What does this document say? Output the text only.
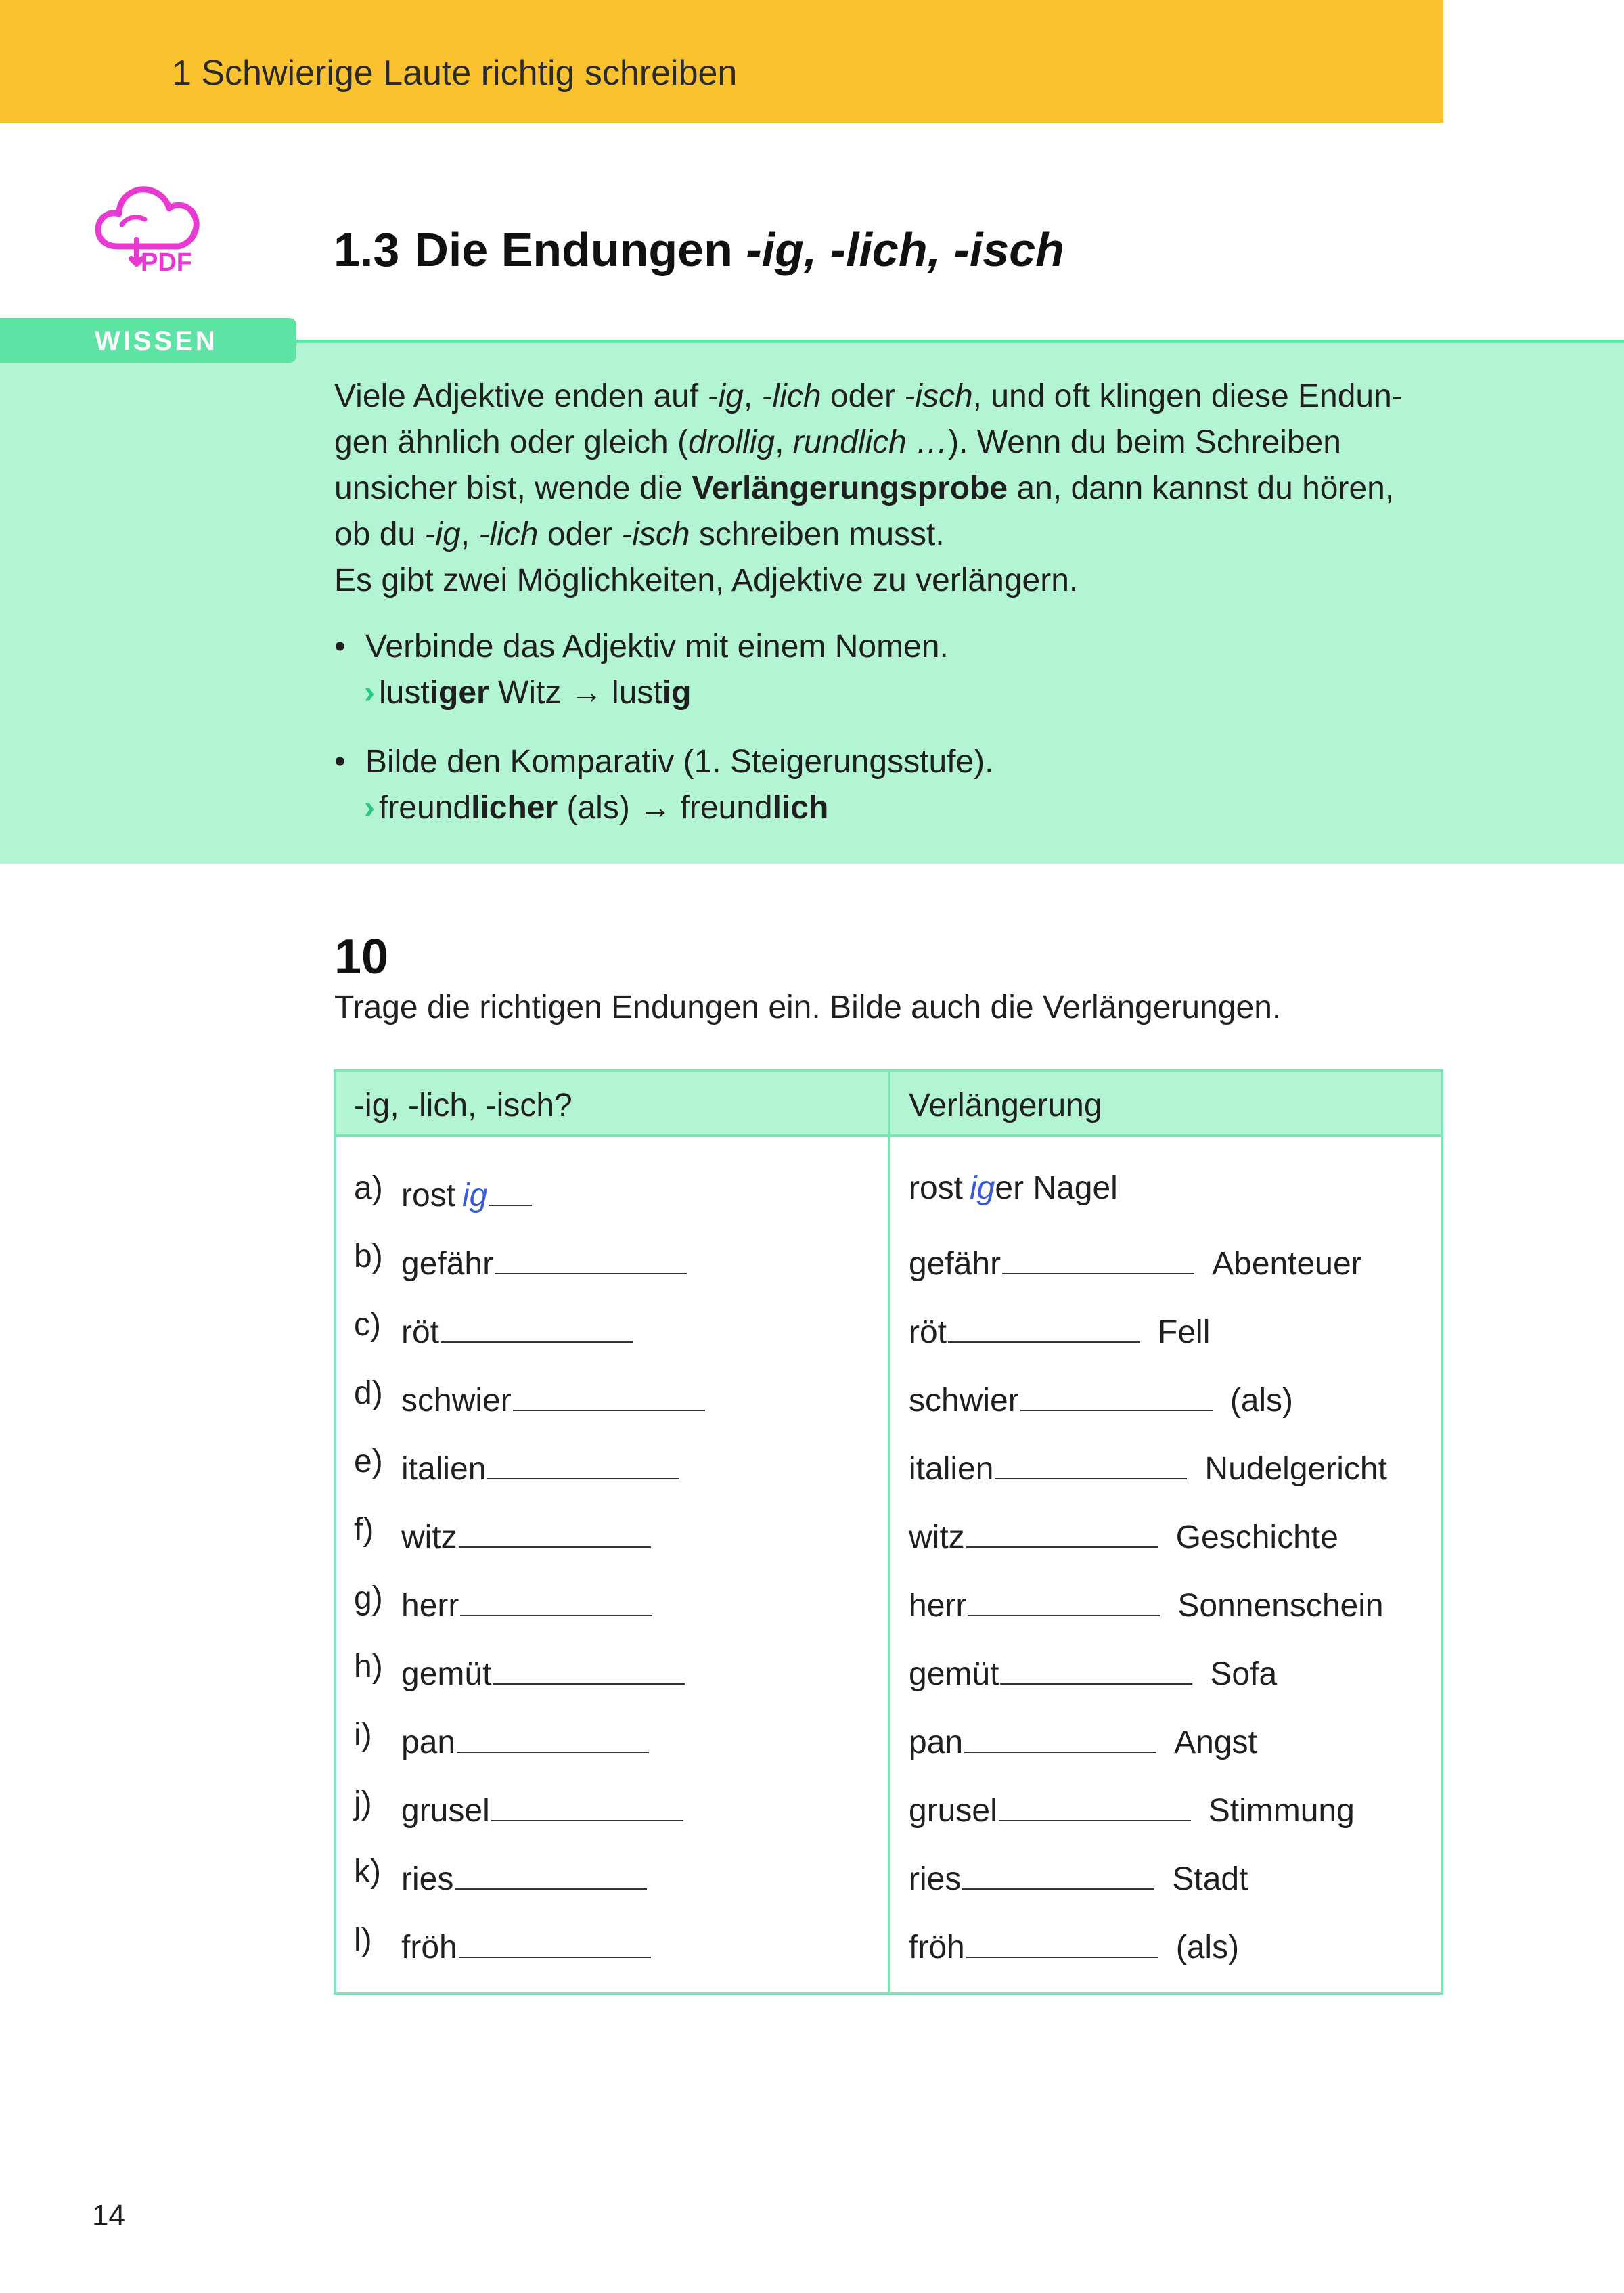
1 Schwierige Laute richtig schreiben
PDF	1.3 Die Endungen -ig, -lich, -isch
WISSEN

Viele Adjektive enden auf -ig, -lich oder -isch, und oft klingen diese Endun-

gen ähnlich oder gleich (drollig, rundlich …). Wenn du beim Schreiben

unsicher bist, wende die Verlängerungsprobe an, dann kannst du hören,

ob du -ig, -lich oder -isch schreiben musst.

Es gibt zwei Möglichkeiten, Adjektive zu verlängern.

• Verbinde das Adjektiv mit einem Nomen.
› lustiger Witz → lustig
• Bilde den Komparativ (1. Steigerungsstufe).
› freundlicher (als) → freundlich
10
Trage die richtigen Endungen ein. Bilde auch die Verlängerungen.
-ig, -lich, -isch?	Verlängerung
a) rost ig	rost iger Nagel
b) gefähr	gefähr	Abenteuer
c) röt	röt	Fell
d) schwier	schwier	(als)
e) italien	italien	Nudelgericht
f) witz	witz	Geschichte
g) herr	herr	Sonnenschein
h) gemüt	gemüt	Sofa
i) pan	pan	Angst
j) grusel	grusel	Stimmung
k) ries	ries	Stadt
l) fröh	fröh	(als)
14
